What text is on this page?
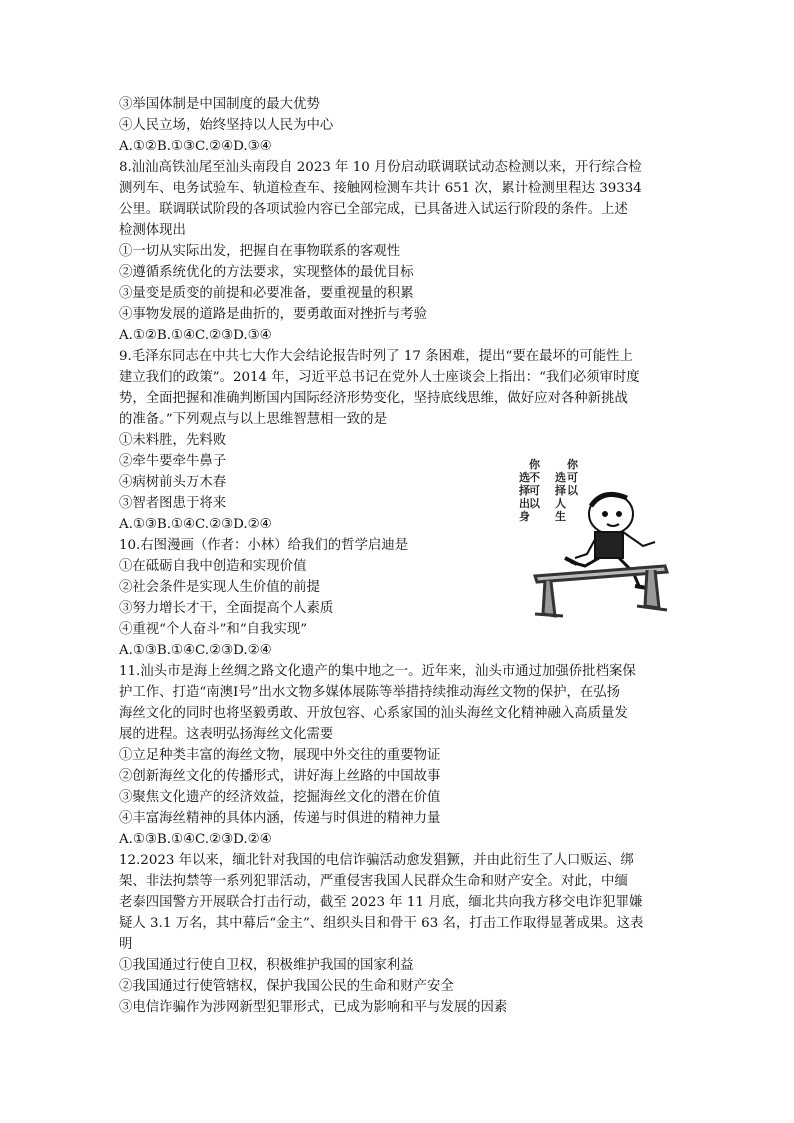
③举国体制是中国制度的最大优势
④人民立场，始终坚持以人民为中心
A.①②B.①③C.②④D.③④
8.汕汕高铁汕尾至汕头南段自 2023 年 10 月份启动联调联试动态检测以来，开行综合检
测列车、电务试验车、轨道检查车、接触网检测车共计 651 次，累计检测里程达 39334
公里。联调联试阶段的各项试验内容已全部完成，已具备进入试运行阶段的条件。上述
检测体现出
①一切从实际出发，把握自在事物联系的客观性
②遵循系统优化的方法要求，实现整体的最优目标
③量变是质变的前提和必要准备，要重视量的积累
④事物发展的道路是曲折的，要勇敢面对挫折与考验
A.①②B.①④C.②③D.③④
9.毛泽东同志在中共七大作大会结论报告时列了 17 条困难，提出“要在最坏的可能性上
建立我们的政策”。2014 年，习近平总书记在党外人士座谈会上指出：“我们必须审时度
势，全面把握和准确判断国内国际经济形势变化，坚持底线思维，做好应对各种新挑战
的准备。”下列观点与以上思维智慧相一致的是
①未料胜，先料败
②牵牛要牵牛鼻子
④病树前头万木春
③智者图患于将来
A.①③B.①④C.②③D.②④
10.右图漫画（作者：小林）给我们的哲学启迪是
①在砥砺自我中创造和实现价值
②社会条件是实现人生价值的前提
③努力增长才干，全面提高个人素质
④重视“个人奋斗”和“自我实现”
A.①③B.①④C.②③D.②④
11.汕头市是海上丝绸之路文化遗产的集中地之一。近年来，汕头市通过加强侨批档案保
护工作、打造“南澳Ⅰ号”出水文物多媒体展陈等举措持续推动海丝文物的保护，在弘扬
海丝文化的同时也将坚毅勇敢、开放包容、心系家国的汕头海丝文化精神融入高质量发
展的进程。这表明弘扬海丝文化需要
①立足种类丰富的海丝文物，展现中外交往的重要物证
②创新海丝文化的传播形式，讲好海上丝路的中国故事
③聚焦文化遗产的经济效益，挖掘海丝文化的潜在价值
④丰富海丝精神的具体内涵，传递与时俱进的精神力量
A.①③B.①④C.②③D.②④
12.2023 年以来，缅北针对我国的电信诈骗活动愈发猖獗，并由此衍生了人口贩运、绑
架、非法拘禁等一系列犯罪活动，严重侵害我国人民群众生命和财产安全。对此，中缅
老泰四国警方开展联合打击行动，截至 2023 年 11 月底，缅北共向我方移交电诈犯罪嫌
疑人 3.1 万名，其中幕后“金主”、组织头目和骨干 63 名，打击工作取得显著成果。这表
明
①我国通过行使自卫权，积极维护我国的国家利益
②我国通过行使管辖权，保护我国公民的生命和财产安全
③电信诈骗作为涉网新型犯罪形式，已成为影响和平与发展的因素
你
不
可
以
选
择
出
身
你
可
以
选
择
人
生
